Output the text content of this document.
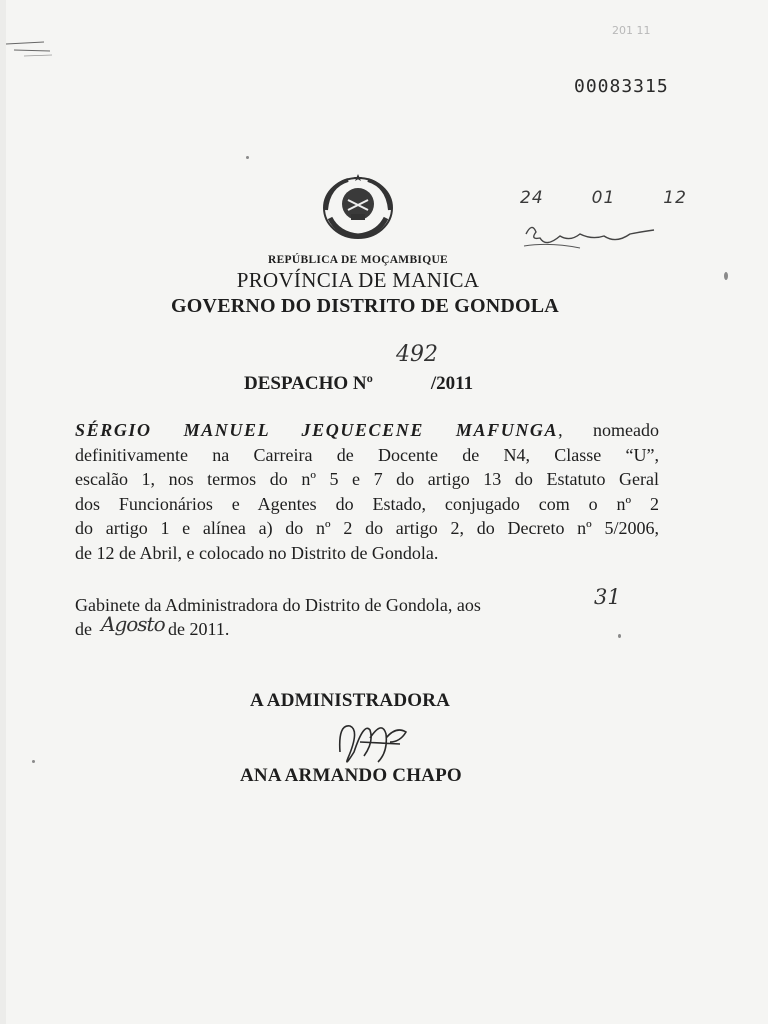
201 11
00083315
24	01	12
REPÚBLICA DE MOÇAMBIQUE
PROVÍNCIA DE MANICA
GOVERNO DO DISTRITO DE GONDOLA
DESPACHO Nº	/2011
492
SÉRGIO MANUEL JEQUECENE MAFUNGA, nomeado
definitivamente na Carreira de Docente de N4, Classe “U”,
escalão 1, nos termos do nº 5 e 7 do artigo 13 do Estatuto Geral
dos Funcionários e Agentes do Estado, conjugado com o nº 2
do artigo 1 e alínea a) do nº 2 do artigo 2, do Decreto nº 5/2006,
de 12 de Abril, e colocado no Distrito de Gondola.
Gabinete da Administradora do Distrito de Gondola, aos
de	de 2011.
31
Agosto
A ADMINISTRADORA
ANA ARMANDO CHAPO
